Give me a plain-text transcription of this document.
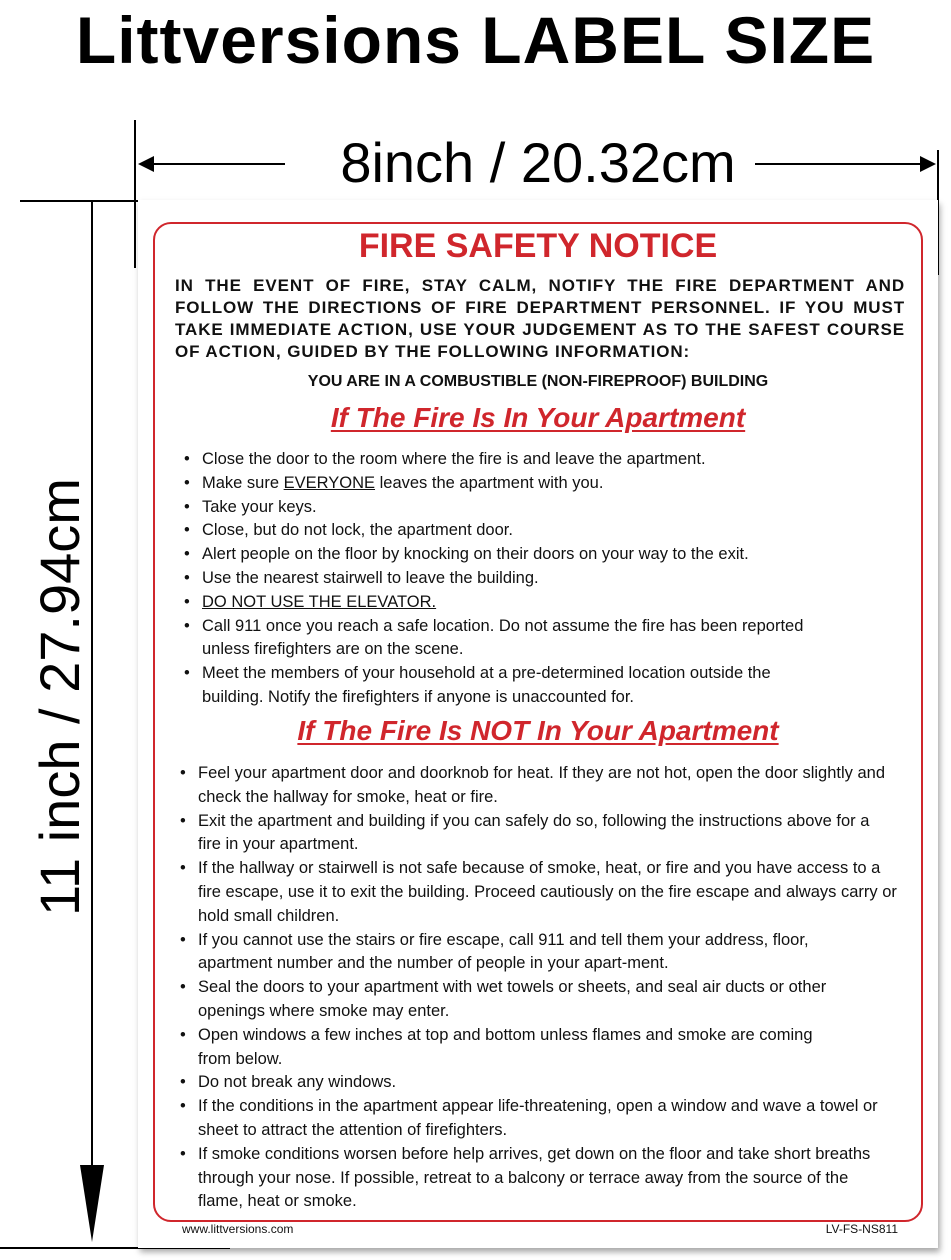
Littversions LABEL SIZE
8inch / 20.32cm
11 inch / 27.94cm
FIRE SAFETY NOTICE
IN THE EVENT OF FIRE, STAY CALM, NOTIFY THE FIRE DEPARTMENT AND FOLLOW THE DIRECTIONS OF FIRE DEPARTMENT PERSONNEL. IF YOU MUST TAKE IMMEDIATE ACTION, USE YOUR JUDGEMENT AS TO THE SAFEST COURSE OF ACTION, GUIDED BY THE FOLLOWING INFORMATION:
YOU ARE IN A COMBUSTIBLE (NON-FIREPROOF) BUILDING
If The Fire Is In Your Apartment
• Close the door to the room where the fire is and leave the apartment.
• Make sure EVERYONE leaves the apartment with you.
• Take your keys.
• Close, but do not lock, the apartment door.
• Alert people on the floor by knocking on their doors on your way to the exit.
• Use the nearest stairwell to leave the building.
• DO NOT USE THE ELEVATOR.
• Call 911 once you reach a safe location. Do not assume the fire has been reported unless firefighters are on the scene.
• Meet the members of your household at a pre-determined location outside the building. Notify the firefighters if anyone is unaccounted for.
If The Fire Is NOT In Your Apartment
• Feel your apartment door and doorknob for heat. If they are not hot, open the door slightly and check the hallway for smoke, heat or fire.
• Exit the apartment and building if you can safely do so, following the instructions above for a fire in your apartment.
• If the hallway or stairwell is not safe because of smoke, heat, or fire and you have access to a fire escape, use it to exit the building. Proceed cautiously on the fire escape and always carry or hold small children.
• If you cannot use the stairs or fire escape, call 911 and tell them your address, floor, apartment number and the number of people in your apart-ment.
• Seal the doors to your apartment with wet towels or sheets, and seal air ducts or other openings where smoke may enter.
• Open windows a few inches at top and bottom unless flames and smoke are coming from below.
• Do not break any windows.
• If the conditions in the apartment appear life-threatening, open a window and wave a towel or sheet to attract the attention of firefighters.
• If smoke conditions worsen before help arrives, get down on the floor and take short breaths through your nose. If possible, retreat to a balcony or terrace away from the source of the flame, heat or smoke.
www.littversions.com	LV-FS-NS811
